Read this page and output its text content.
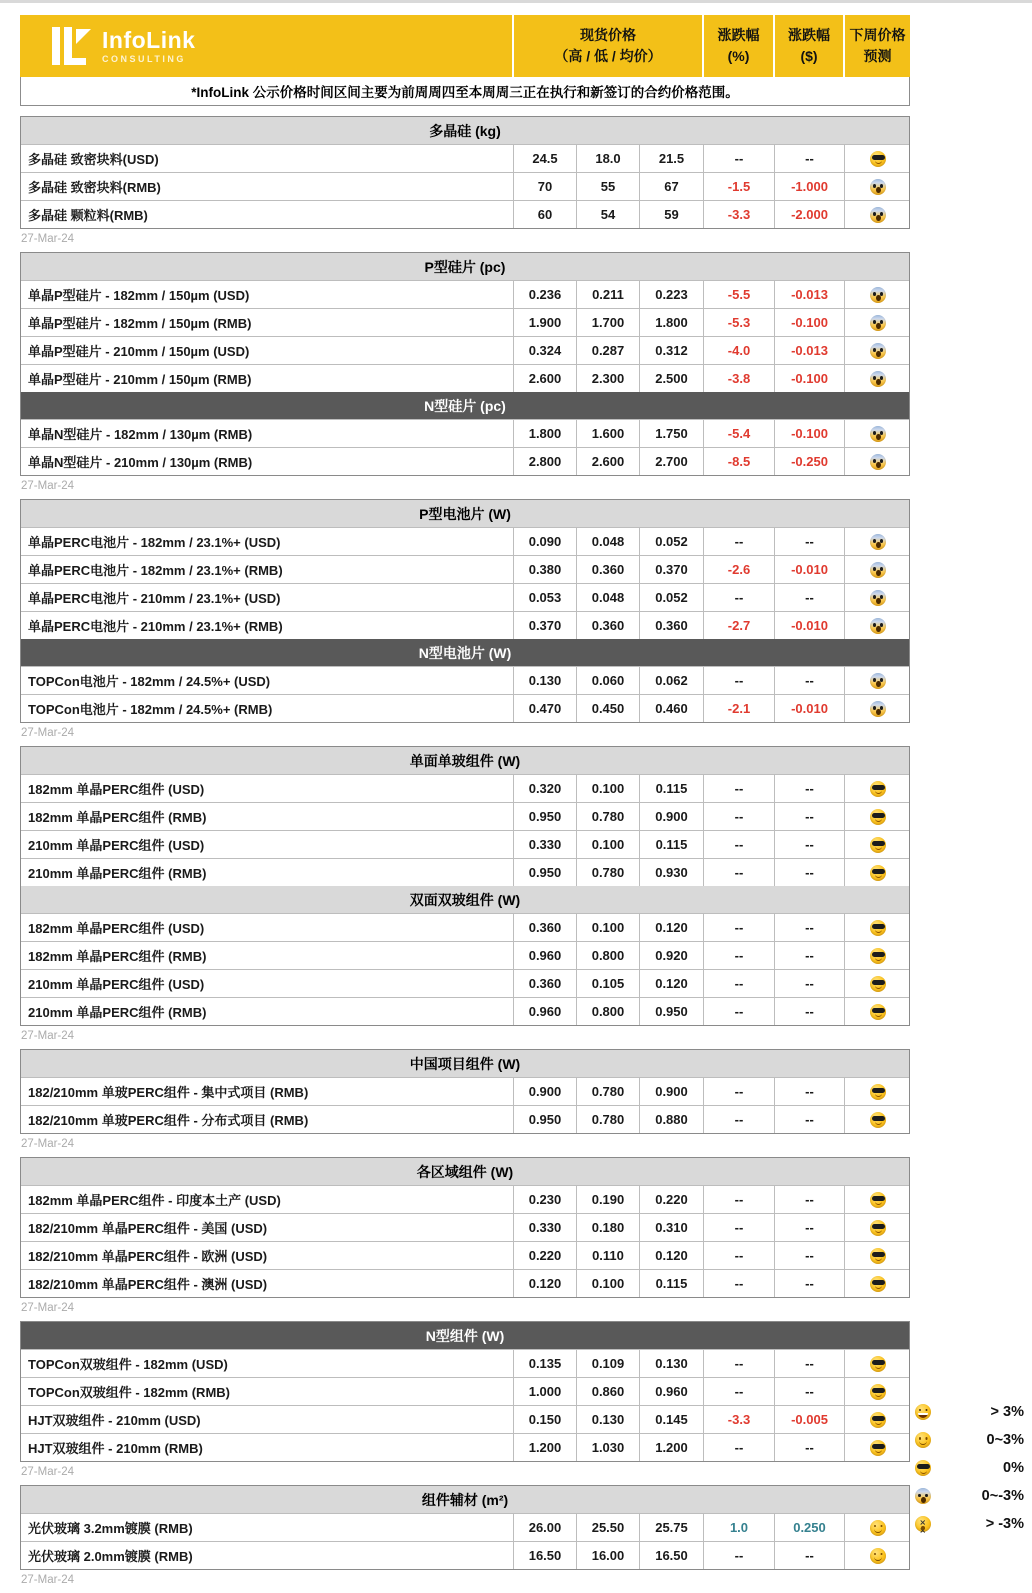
InfoLink
CONSULTING
现货价格
（高 / 低 / 均价）
涨跌幅
(%)
涨跌幅
($)
下周价格
预测
*InfoLink 公示价格时间区间主要为前周周四至本周周三正在执行和新签订的合约价格范围。
多晶硅 (kg)
多晶硅 致密块料(USD)	24.5	18.0	21.5	--	--
多晶硅 致密块料(RMB)	70	55	67	-1.5	-1.000
多晶硅 颗粒料(RMB)	60	54	59	-3.3	-2.000
27-Mar-24
P型硅片 (pc)
单晶P型硅片 - 182mm / 150µm (USD)	0.236	0.211	0.223	-5.5	-0.013
单晶P型硅片 - 182mm / 150µm (RMB)	1.900	1.700	1.800	-5.3	-0.100
单晶P型硅片 - 210mm / 150µm (USD)	0.324	0.287	0.312	-4.0	-0.013
单晶P型硅片 - 210mm / 150µm (RMB)	2.600	2.300	2.500	-3.8	-0.100
N型硅片 (pc)
单晶N型硅片 - 182mm / 130µm (RMB)	1.800	1.600	1.750	-5.4	-0.100
单晶N型硅片 - 210mm / 130µm (RMB)	2.800	2.600	2.700	-8.5	-0.250
27-Mar-24
P型电池片 (W)
单晶PERC电池片 - 182mm / 23.1%+ (USD)	0.090	0.048	0.052	--	--
单晶PERC电池片 - 182mm / 23.1%+ (RMB)	0.380	0.360	0.370	-2.6	-0.010
单晶PERC电池片 - 210mm / 23.1%+ (USD)	0.053	0.048	0.052	--	--
单晶PERC电池片 - 210mm / 23.1%+ (RMB)	0.370	0.360	0.360	-2.7	-0.010
N型电池片 (W)
TOPCon电池片 - 182mm / 24.5%+ (USD)	0.130	0.060	0.062	--	--
TOPCon电池片 - 182mm / 24.5%+ (RMB)	0.470	0.450	0.460	-2.1	-0.010
27-Mar-24
单面单玻组件 (W)
182mm 单晶PERC组件 (USD)	0.320	0.100	0.115	--	--
182mm 单晶PERC组件 (RMB)	0.950	0.780	0.900	--	--
210mm 单晶PERC组件 (USD)	0.330	0.100	0.115	--	--
210mm 单晶PERC组件 (RMB)	0.950	0.780	0.930	--	--
双面双玻组件 (W)
182mm 单晶PERC组件 (USD)	0.360	0.100	0.120	--	--
182mm 单晶PERC组件 (RMB)	0.960	0.800	0.920	--	--
210mm 单晶PERC组件 (USD)	0.360	0.105	0.120	--	--
210mm 单晶PERC组件 (RMB)	0.960	0.800	0.950	--	--
27-Mar-24
中国项目组件 (W)
182/210mm 单玻PERC组件 - 集中式项目 (RMB)	0.900	0.780	0.900	--	--
182/210mm 单玻PERC组件 - 分布式项目 (RMB)	0.950	0.780	0.880	--	--
27-Mar-24
各区域组件 (W)
182mm 单晶PERC组件 - 印度本土产 (USD)	0.230	0.190	0.220	--	--
182/210mm 单晶PERC组件 - 美国 (USD)	0.330	0.180	0.310	--	--
182/210mm 单晶PERC组件 - 欧洲 (USD)	0.220	0.110	0.120	--	--
182/210mm 单晶PERC组件 - 澳洲 (USD)	0.120	0.100	0.115	--	--
27-Mar-24
N型组件 (W)
TOPCon双玻组件 - 182mm (USD)	0.135	0.109	0.130	--	--
TOPCon双玻组件 - 182mm (RMB)	1.000	0.860	0.960	--	--
HJT双玻组件 - 210mm (USD)	0.150	0.130	0.145	-3.3	-0.005
HJT双玻组件 - 210mm (RMB)	1.200	1.030	1.200	--	--
27-Mar-24
组件辅材 (m²)
光伏玻璃 3.2mm镀膜 (RMB)	26.00	25.50	25.75	1.0	0.250
光伏玻璃 2.0mm镀膜 (RMB)	16.50	16.00	16.50	--	--
27-Mar-24
> 3%
0~3%
0%
0~-3%
× ×
> -3%
